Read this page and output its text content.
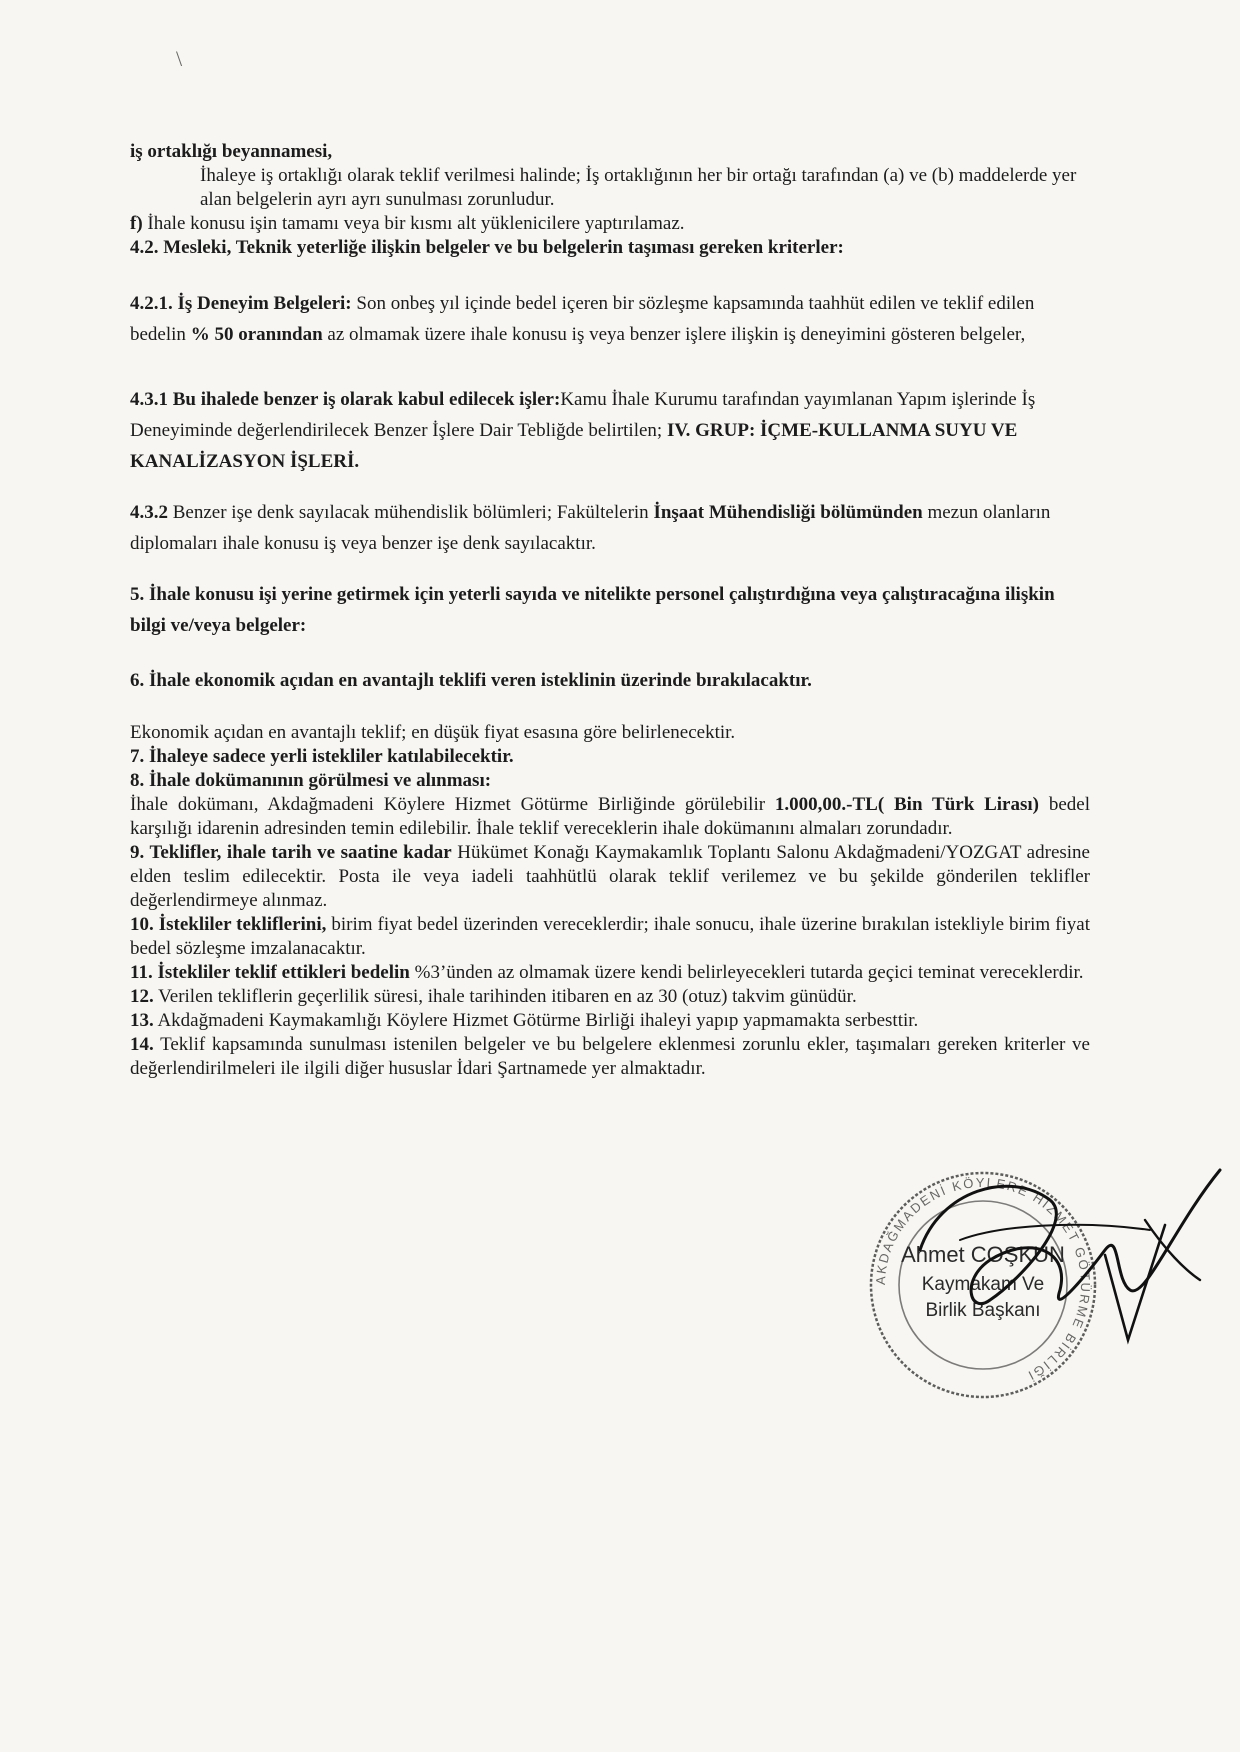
\

iş ortaklığı beyannamesi,

İhaleye iş ortaklığı olarak teklif verilmesi halinde; İş ortaklığının her bir ortağı tarafından (a) ve (b) maddelerde yer alan belgelerin ayrı ayrı sunulması zorunludur.

f) İhale konusu işin tamamı veya bir kısmı alt yüklenicilere yaptırılamaz.

4.2. Mesleki, Teknik yeterliğe ilişkin belgeler ve bu belgelerin taşıması gereken kriterler:

4.2.1. İş Deneyim Belgeleri: Son onbeş yıl içinde bedel içeren bir sözleşme kapsamında taahhüt edilen ve teklif edilen bedelin % 50 oranından az olmamak üzere ihale konusu iş veya benzer işlere ilişkin iş deneyimini gösteren belgeler,

4.3.1 Bu ihalede benzer iş olarak kabul edilecek işler:Kamu İhale Kurumu tarafından yayımlanan Yapım işlerinde İş Deneyiminde değerlendirilecek Benzer İşlere Dair Tebliğde belirtilen; IV. GRUP: İÇME-KULLANMA SUYU VE KANALİZASYON İŞLERİ.

4.3.2 Benzer işe denk sayılacak mühendislik bölümleri; Fakültelerin İnşaat Mühendisliği bölümünden mezun olanların diplomaları ihale konusu iş veya benzer işe denk sayılacaktır.

5. İhale konusu işi yerine getirmek için yeterli sayıda ve nitelikte personel çalıştırdığına veya çalıştıracağına ilişkin bilgi ve/veya belgeler:

6. İhale ekonomik açıdan en avantajlı teklifi veren isteklinin üzerinde bırakılacaktır.

Ekonomik açıdan en avantajlı teklif; en düşük fiyat esasına göre belirlenecektir.

7. İhaleye sadece yerli istekliler katılabilecektir.

8. İhale dokümanının görülmesi ve alınması:

İhale dokümanı, Akdağmadeni Köylere Hizmet Götürme Birliğinde görülebilir 1.000,00.-TL( Bin Türk Lirası) bedel karşılığı idarenin adresinden temin edilebilir. İhale teklif vereceklerin ihale dokümanını almaları zorundadır.

9. Teklifler, ihale tarih ve saatine kadar Hükümet Konağı Kaymakamlık Toplantı Salonu Akdağmadeni/YOZGAT adresine elden teslim edilecektir. Posta ile veya iadeli taahhütlü olarak teklif verilemez ve bu şekilde gönderilen teklifler değerlendirmeye alınmaz.

10. İstekliler tekliflerini, birim fiyat bedel üzerinden vereceklerdir; ihale sonucu, ihale üzerine bırakılan istekliyle birim fiyat bedel sözleşme imzalanacaktır.

11. İstekliler teklif ettikleri bedelin %3’ünden az olmamak üzere kendi belirleyecekleri tutarda geçici teminat vereceklerdir.

12. Verilen tekliflerin geçerlilik süresi, ihale tarihinden itibaren en az 30 (otuz) takvim günüdür.

13. Akdağmadeni Kaymakamlığı Köylere Hizmet Götürme Birliği ihaleyi yapıp yapmamakta serbesttir.

14. Teklif kapsamında sunulması istenilen belgeler ve bu belgelere eklenmesi zorunlu ekler, taşımaları gereken kriterler ve değerlendirilmeleri ile ilgili diğer hususlar İdari Şartnamede yer almaktadır.

AKDAĞMADENİ KÖYLERE HİZMET GÖTÜRME BİRLİĞİ
Ahmet COŞKUN
Kaymakam Ve
Birlik Başkanı
